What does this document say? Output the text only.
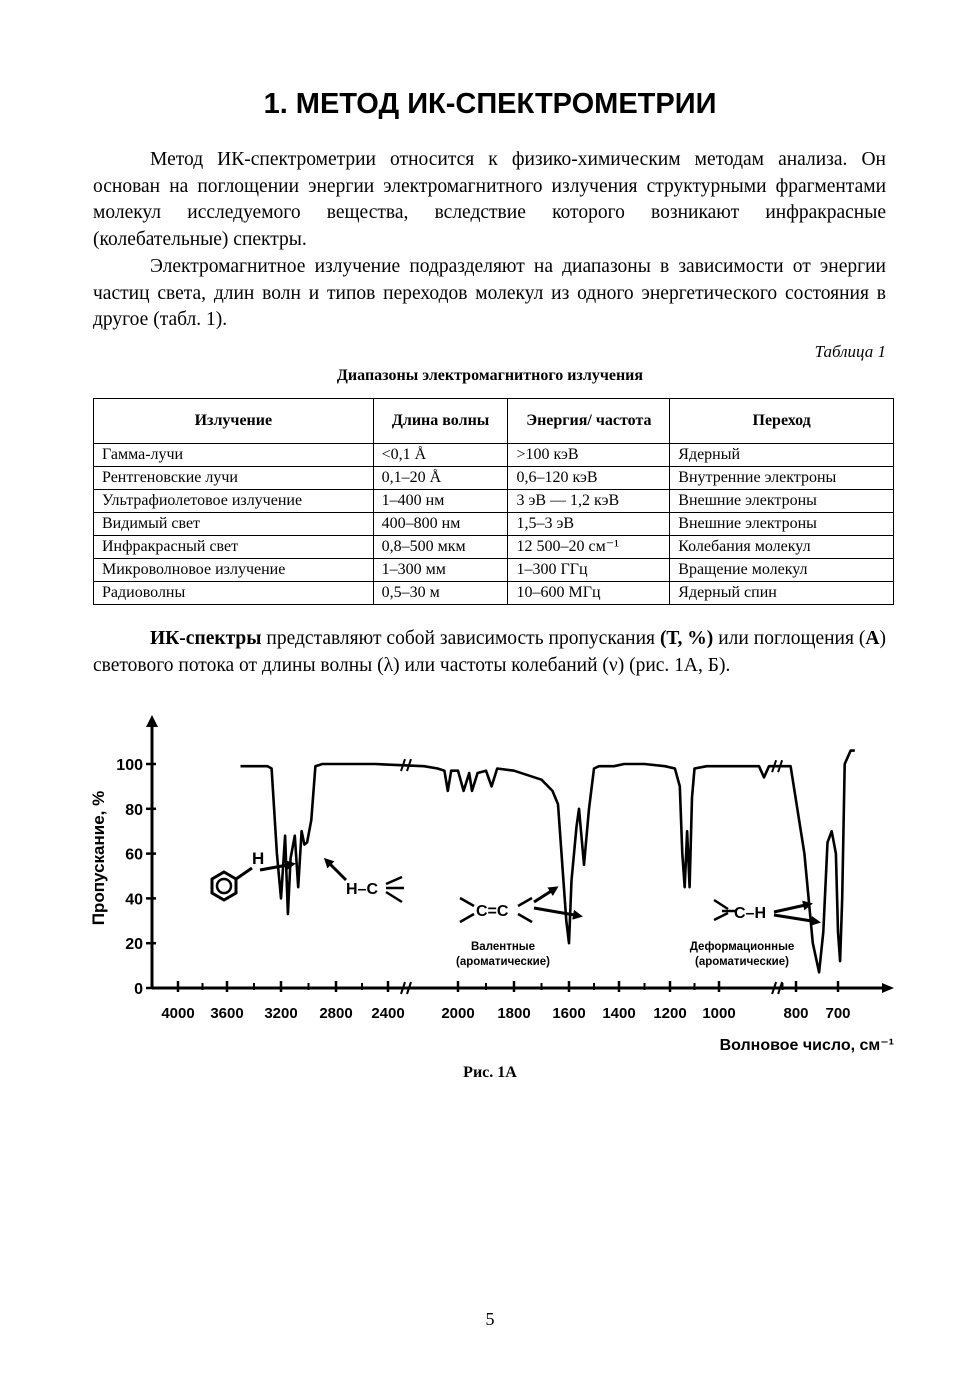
1. МЕТОД ИК-СПЕКТРОМЕТРИИ

Метод ИК-спектрометрии относится к физико-химическим методам анализа. Он основан на поглощении энергии электромагнитного излучения структурными фрагментами молекул исследуемого вещества, вследствие которого возникают инфракрасные (колебательные) спектры.

Электромагнитное излучение подразделяют на диапазоны в зависимости от энергии частиц света, длин волн и типов переходов молекул из одного энергетического состояния в другое (табл. 1).

Таблица 1
Диапазоны электромагнитного излучения
Излучение	Длина волны	Энергия/ частота	Переход
Гамма-лучи	<0,1 Å	>100 кэВ	Ядерный
Рентгеновские лучи	0,1–20 Å	0,6–120 кэВ	Внутренние электроны
Ультрафиолетовое излучение	1–400 нм	3 эВ — 1,2 кэВ	Внешние электроны
Видимый свет	400–800 нм	1,5–3 эВ	Внешние электроны
Инфракрасный свет	0,8–500 мкм	12 500–20 см⁻¹	Колебания молекул
Микроволновое излучение	1–300 мм	1–300 ГГц	Вращение молекул
Радиоволны	0,5–30 м	10–600 МГц	Ядерный спин

ИК-спектры представляют собой зависимость пропускания (Т, %) или поглощения (А) светового потока от длины волны (λ) или частоты колебаний (ν) (рис. 1А, Б).

0
20
40
60
80
100
4000 3600 3200 2800 2400 2000 1800 1600 1400 1200 1000	800 700
Пропускание, %
Волновое число, см⁻¹
H
H–C
C=C
Валентные
(ароматические)
C–H
Деформационные
(ароматические)
Рис. 1А
5
